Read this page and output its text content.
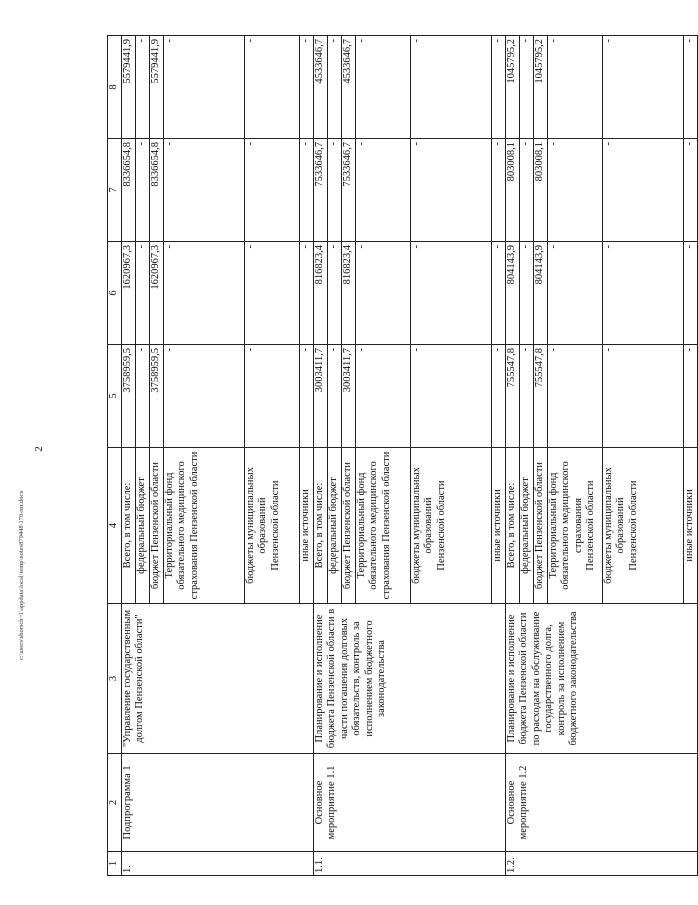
2
c:\users\sborsch~1\appdata\local\temp\notes879448\170-пп.docx
1	2	3	4	5	6	7	8
1.	Подпрограмма 1	"Управление государственным долгом Пензенской области"	Всего, в том числе:	3758959,5	1620967,3	8336654,8	5579441,9
			федеральный бюджет	-	-	-	-
			бюджет Пензенской области	3758959,5	1620967,3	8336654,8	5579441,9
			Территориальный фонд обязательного медицинского страхования Пензенской области	-	-	-	-
			бюджеты муниципальных образований
Пензенской области	-	-	-	-
			иные источники	-	-	-	-
1.1.	Основное мероприятие 1.1	Планирование и исполнение бюджета Пензенской области в части погашения долговых обязательств, контроль за исполнением бюджетного законодательства	Всего, в том числе:	3003411,7	816823,4	7533646,7	4533646,7
			федеральный бюджет	-	-	-	-
			бюджет Пензенской области	3003411,7	816823,4	7533646,7	4533646,7
			Территориальный фонд обязательного медицинского страхования Пензенской области	-	-	-	-
			бюджеты муниципальных образований
Пензенской области	-	-	-	-
			иные источники	-	-	-	-
1.2.	Основное мероприятие 1.2	Планирование и исполнение бюджета Пензенской области по расходам на обслуживание государственного долга, контроль за исполнением бюджетного законодательства	Всего, в том числе:	755547,8	804143,9	803008,1	1045795,2
			федеральный бюджет	-	-	-	-
			бюджет Пензенской области	755547,8	804143,9	803008,1	1045795,2
			Территориальный фонд обязательного медицинского страхования
Пензенской области	-	-	-	-
			бюджеты муниципальных образований
Пензенской области	-	-	-	-
			иные источники	-	-	-	-
